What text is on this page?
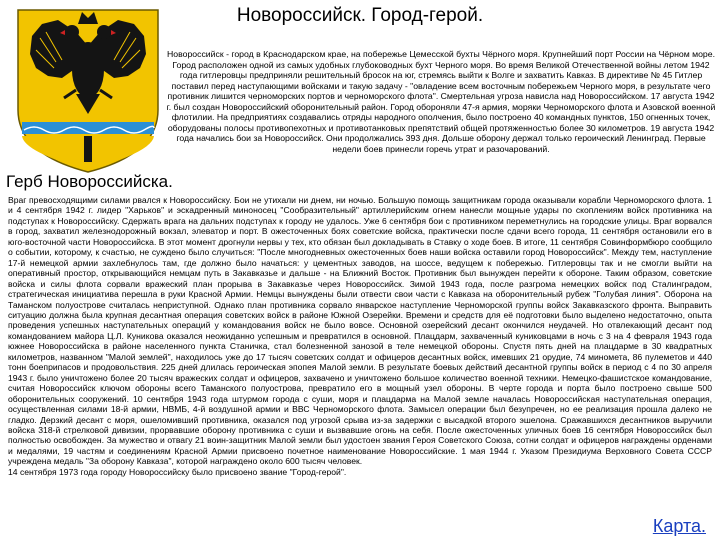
Новороссийск. Город-герой.
Герб Новороссийска.
Новороссийск - город в Краснодарском крае, на побережье Цемесской бухты Чёрного моря. Крупнейший порт России на Чёрном море. Город расположен одной из самых удобных глубоководных бухт Черного моря. Во время Великой Отечественной войны летом 1942 года гитлеровцы предприняли решительный бросок на юг, стремясь выйти к Волге и захватить Кавказ. В директиве № 45 Гитлер поставил перед наступающими войсками и такую задачу - "овладение всем восточным побережьем Черного моря, в результате чего противник лишится черноморских портов и черноморского флота". Смертельная угроза нависла над Новороссийском. 17 августа 1942 г. был создан Новороссийский оборонительный район. Город обороняли 47-я армия, моряки Черноморского флота и Азовской военной флотилии. На предприятиях создавались отряды народного ополчения, было построено 40 командных пунктов, 150 огненных точек, оборудованы полосы противопехотных и противотанковых препятствий общей протяженностью более 30 километров. 19 августа 1942 года начались бои за Новороссийск. Они продолжались 393 дня. Дольше оборону держал только героический Ленинград. Первые недели боев принесли горечь утрат и разочарований.

Враг превосходящими силами рвался к Новороссийску. Бои не утихали ни днем, ни ночью. Большую помощь защитникам города оказывали корабли Черноморского флота. 1 и 4 сентября 1942 г. лидер "Харьков" и эскадренный миноносец "Сообразительный" артиллерийским огнем нанесли мощные удары по скоплениям войск противника на подступах к Новороссийску. Сдержать врага на дальних подступах к городу не удалось. Уже 6 сентября бои с противником переметнулись на городские улицы. Враг ворвался в город, захватил железнодорожный вокзал, элеватор и порт. В ожесточенных боях советские войска, практически после сдачи всего города, 11 сентября остановили его в юго-восточной части Новороссийска. В этот момент дрогнули нервы у тех, кто обязан был докладывать в Ставку о ходе боев. В итоге, 11 сентября Совинформбюро сообщило о событии, которому, к счастью, не суждено было случиться: "После многодневных ожесточенных боев наши войска оставили город Новороссийск". Между тем, наступление 17-й немецкой армии захлебнулось там, где должно было начаться: у цементных заводов, на шоссе, ведущем к побережью. Гитлеровцы так и не смогли выйти на оперативный простор, открывающийся немцам путь в Закавказье и дальше - на Ближний Восток. Противник был вынужден перейти к обороне. Таким образом, советские войска и силы флота сорвали вражеский план прорыва в Закавказье через Новороссийск. Зимой 1943 года, после разгрома немецких войск под Сталинградом, стратегическая инициатива перешла в руки Красной Армии. Немцы вынуждены были отвести свои части с Кавказа на оборонительный рубеж "Голубая линия". Оборона на Таманском полуострове считалась неприступной. Однако план противника сорвало январское наступление Черноморской группы войск Закавказского фронта. Выправить ситуацию должна была крупная десантная операция советских войск в районе Южной Озерейки. Времени и средств для её подготовки было выделено недостаточно, опыта проведения успешных наступательных операций у командования войск не было вовсе. Основной озерейский десант окончился неудачей. Но отвлекающий десант под командованием майора Ц.Л. Куникова оказался неожиданно успешным и превратился в основной. Плацдарм, захваченный куниковцами в ночь с 3 на 4 февраля 1943 года южнее Новороссийска в районе населенного пункта Станичка, стал болезненной занозой в теле немецкой обороны. Спустя пять дней на плацдарме в 30 квадратных километров, названном "Малой землей", находилось уже до 17 тысяч советских солдат и офицеров десантных войск, имевших 21 орудие, 74 миномета, 86 пулеметов и 440 тонн боеприпасов и продовольствия. 225 дней длилась героическая эпопея Малой земли. В результате боевых действий десантной группы войск в период с 4 по 30 апреля 1943 г. было уничтожено более 20 тысяч вражеских солдат и офицеров, захвачено и уничтожено большое количество военной техники. Немецко-фашистское командование, считая Новороссийск ключом обороны всего Таманского полуострова, превратило его в мощный узел обороны. В черте города и порта было построено свыше 500 оборонительных сооружений. 10 сентября 1943 года штурмом города с суши, моря и плацдарма на Малой земле началась Новороссийская наступательная операция, осуществленная силами 18-й армии, НВМБ, 4-й воздушной армии и ВВС Черноморского флота. Замысел операции был безупречен, но ее реализация прошла далеко не гладко. Дерзкий десант с моря, ошеломивший противника, оказался под угрозой срыва из-за задержки с высадкой второго эшелона. Сражавшихся десантников выручили войска 318-й стрелковой дивизии, прорвавшие оборону противника с суши и вызвавшие огонь на себя. После ожесточенных уличных боев 16 сентября Новороссийск был полностью освобожден. За мужество и отвагу 21 воин-защитник Малой земли был удостоен звания Героя Советского Союза, сотни солдат и офицеров награждены орденами и медалями, 19 частям и соединениям Красной Армии присвоено почетное наименование Новороссийские. 1 мая 1944 г. Указом Президиума Верховного Совета СССР учреждена медаль "За оборону Кавказа", которой награждено около 600 тысяч человек.

14 сентября 1973 года городу Новороссийску было присвоено звание "Город-герой".

Карта.
